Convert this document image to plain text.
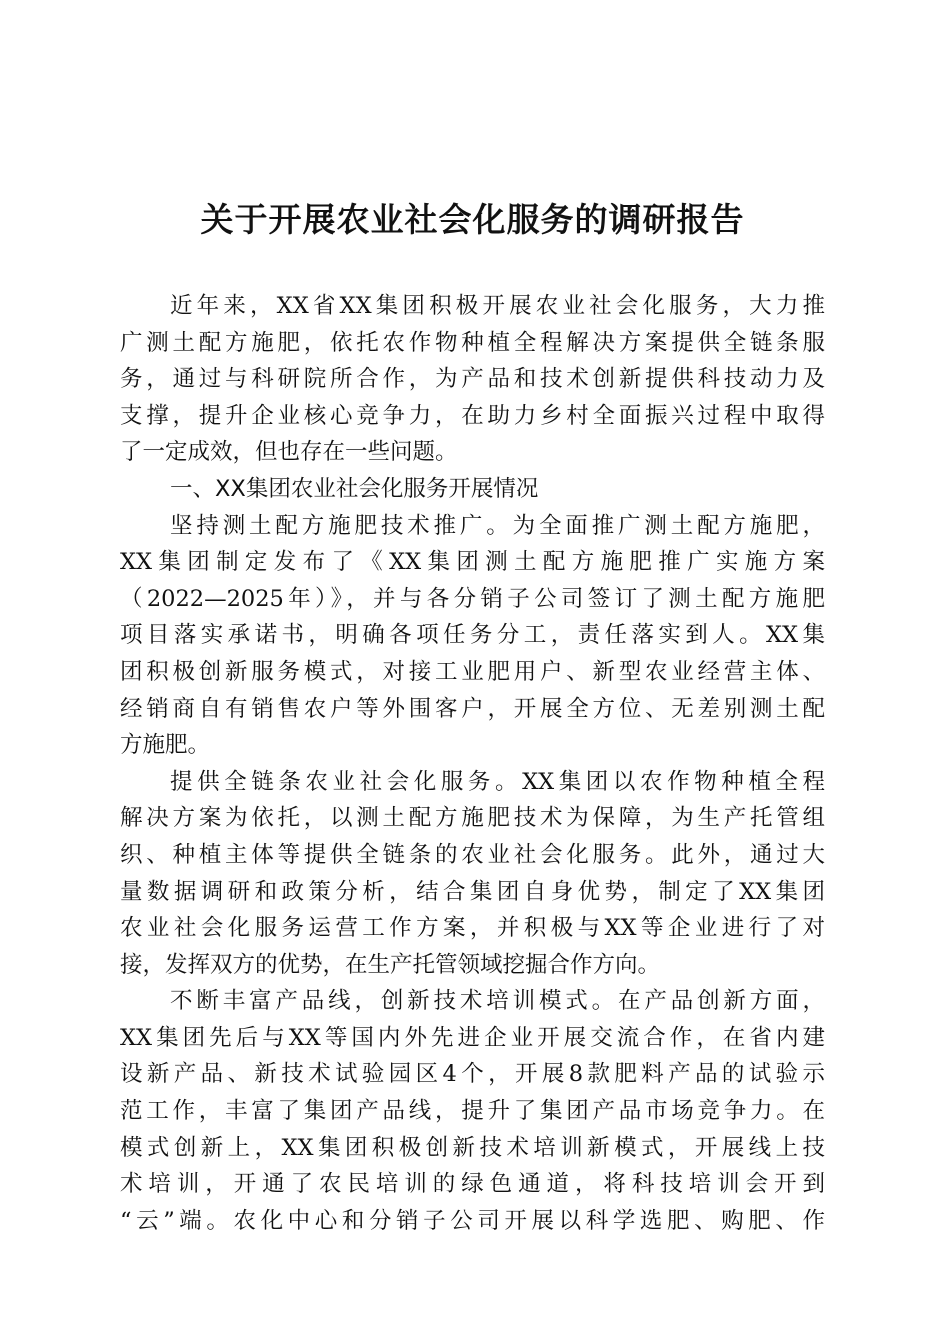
关于开展农业社会化服务的调研报告

近年来，XX省XX集团积极开展农业社会化服务，大力推
广测土配方施肥，依托农作物种植全程解决方案提供全链条服
务，通过与科研院所合作，为产品和技术创新提供科技动力及
支撑，提升企业核心竞争力，在助力乡村全面振兴过程中取得
了一定成效，但也存在一些问题。

一、XX集团农业社会化服务开展情况

坚持测土配方施肥技术推广。为全面推广测土配方施肥，
XX集团制定发布了《XX集团测土配方施肥推广实施方案
（2022—2025年）》，并与各分销子公司签订了测土配方施肥
项目落实承诺书，明确各项任务分工，责任落实到人。XX集
团积极创新服务模式，对接工业肥用户、新型农业经营主体、
经销商自有销售农户等外围客户，开展全方位、无差别测土配
方施肥。

提供全链条农业社会化服务。XX集团以农作物种植全程
解决方案为依托，以测土配方施肥技术为保障，为生产托管组
织、种植主体等提供全链条的农业社会化服务。此外，通过大
量数据调研和政策分析，结合集团自身优势，制定了XX集团
农业社会化服务运营工作方案，并积极与XX等企业进行了对
接，发挥双方的优势，在生产托管领域挖掘合作方向。

不断丰富产品线，创新技术培训模式。在产品创新方面，
XX集团先后与XX等国内外先进企业开展交流合作，在省内建
设新产品、新技术试验园区4个，开展8款肥料产品的试验示
范工作，丰富了集团产品线，提升了集团产品市场竞争力。在
模式创新上，XX集团积极创新技术培训新模式，开展线上技
术培训，开通了农民培训的绿色通道，将科技培训会开到
“云”端。农化中心和分销子公司开展以科学选肥、购肥、作
